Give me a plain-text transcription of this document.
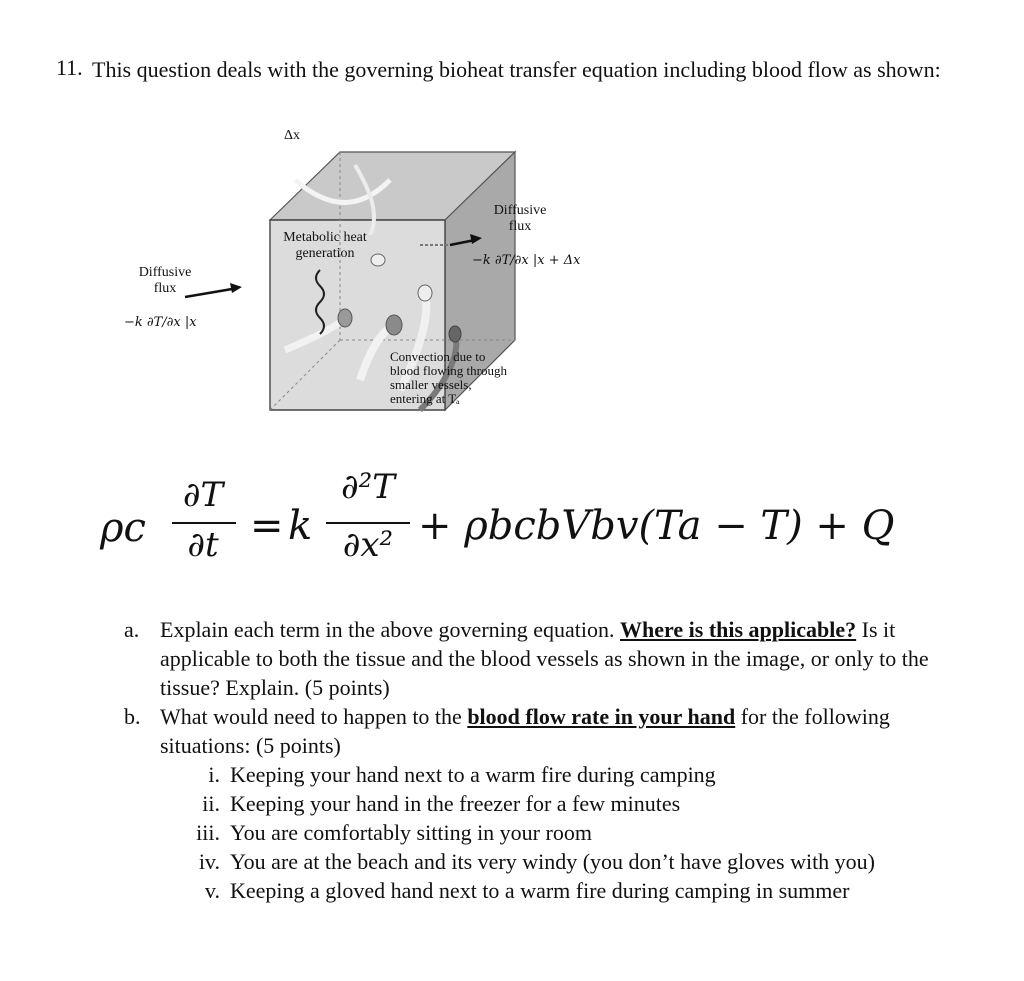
11. This question deals with the governing bioheat transfer equation including blood flow as shown:
Δx
Metabolic heat
generation
Diffusive
flux
−k ∂T/∂x |x
Diffusive
flux
−k ∂T/∂x |x + Δx
Convection due to
blood flowing through
smaller vessels,
entering at Tₐ
ρc
∂T
∂t = k
∂²T
∂x² + ρbcbVbv(Ta − T) + Q
a. Explain each term in the above governing equation. Where is this applicable? Is it applicable to both the tissue and the blood vessels as shown in the image, or only to the tissue? Explain. (5 points)
b. What would need to happen to the blood flow rate in your hand for the following situations: (5 points)
i. Keeping your hand next to a warm fire during camping
ii. Keeping your hand in the freezer for a few minutes
iii. You are comfortably sitting in your room
iv. You are at the beach and its very windy (you don’t have gloves with you)
v. Keeping a gloved hand next to a warm fire during camping in summer
